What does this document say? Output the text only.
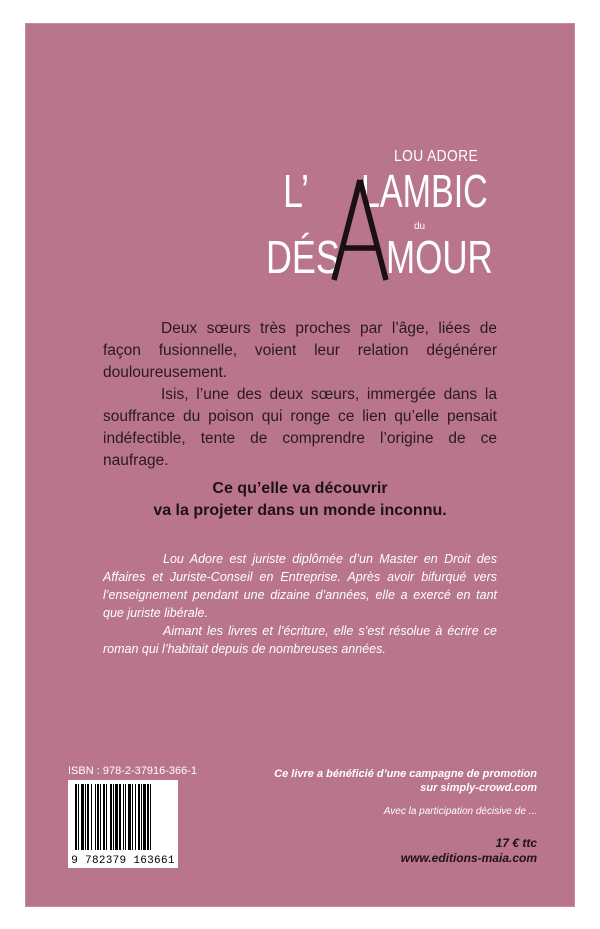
LOU ADORE
L’ LAMBIC
du
DÉS MOUR

Deux sœurs très proches par l’âge, liées de façon fusionnelle, voient leur relation dégénérer douloureusement.

Isis, l’une des deux sœurs, immergée dans la souffrance du poison qui ronge ce lien qu’elle pensait indéfectible, tente de comprendre l’origine de ce naufrage.

Ce qu’elle va découvrir
va la projeter dans un monde inconnu.

Lou Adore est juriste diplômée d’un Master en Droit des Affaires et Juriste-Conseil en Entreprise. Après avoir bifurqué vers l’enseignement pendant une dizaine d’années, elle a exercé en tant que juriste libérale.

Aimant les livres et l’écriture, elle s’est résolue à écrire ce roman qui l’habitait depuis de nombreuses années.

ISBN : 978-2-37916-366-1
9 782379 163661
Ce livre a bénéficié d’une campagne de promotion
sur simply-crowd.com
Avec la participation décisive de ...
17 € ttc
www.editions-maia.com
